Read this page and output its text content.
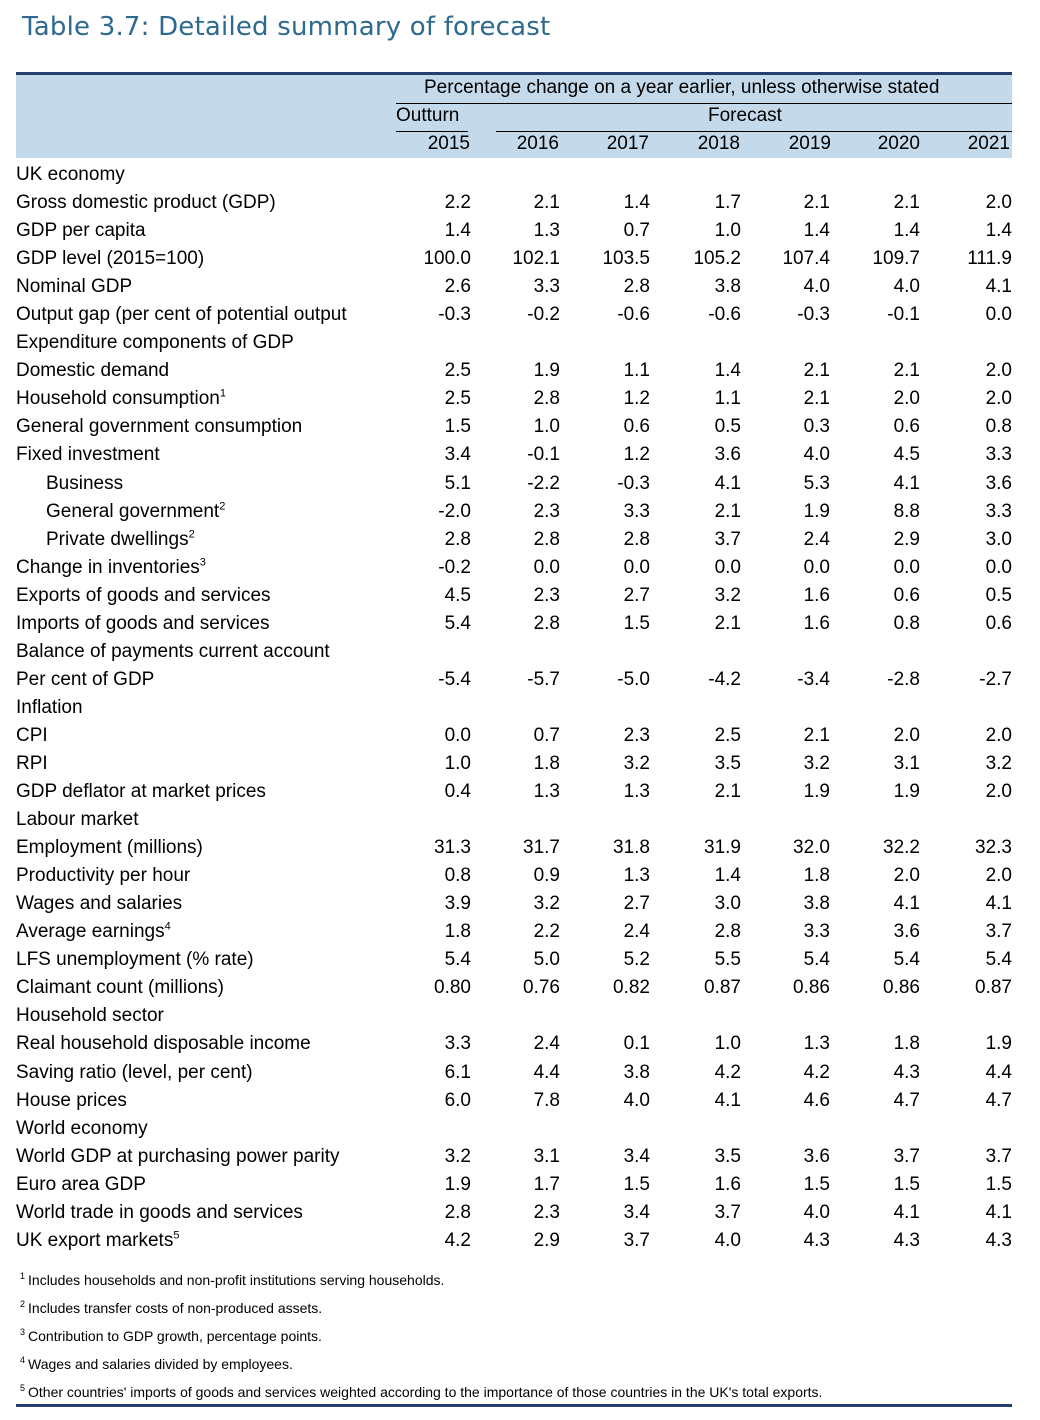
Table 3.7: Detailed summary of forecast
Percentage change on a year earlier, unless otherwise stated
Outturn	Forecast
2015 2016	2017	2018	2019 2020	2021
UK economy							
Gross domestic product (GDP)	2.2	2.1	1.4	1.7	2.1	2.1	2.0
GDP per capita	1.4	1.3	0.7	1.0	1.4	1.4	1.4
GDP level (2015=100)	100.0	102.1	103.5	105.2	107.4	109.7	111.9
Nominal GDP	2.6	3.3	2.8	3.8	4.0	4.0	4.1
Output gap (per cent of potential output	-0.3	-0.2	-0.6	-0.6	-0.3	-0.1	0.0
Expenditure components of GDP							
Domestic demand	2.5	1.9	1.1	1.4	2.1	2.1	2.0
Household consumption$^1$	2.5	2.8	1.2	1.1	2.1	2.0	2.0
General government consumption	1.5	1.0	0.6	0.5	0.3	0.6	0.8
Fixed investment	3.4	-0.1	1.2	3.6	4.0	4.5	3.3
Business	5.1	-2.2	-0.3	4.1	5.3	4.1	3.6
General government$^2$	-2.0	2.3	3.3	2.1	1.9	8.8	3.3
Private dwellings$^2$	2.8	2.8	2.8	3.7	2.4	2.9	3.0
Change in inventories$^3$	-0.2	0.0	0.0	0.0	0.0	0.0	0.0
Exports of goods and services	4.5	2.3	2.7	3.2	1.6	0.6	0.5
Imports of goods and services	5.4	2.8	1.5	2.1	1.6	0.8	0.6
Balance of payments current account							
Per cent of GDP	-5.4	-5.7	-5.0	-4.2	-3.4	-2.8	-2.7
Inflation							
CPI	0.0	0.7	2.3	2.5	2.1	2.0	2.0
RPI	1.0	1.8	3.2	3.5	3.2	3.1	3.2
GDP deflator at market prices	0.4	1.3	1.3	2.1	1.9	1.9	2.0
Labour market							
Employment (millions)	31.3	31.7	31.8	31.9	32.0	32.2	32.3
Productivity per hour	0.8	0.9	1.3	1.4	1.8	2.0	2.0
Wages and salaries	3.9	3.2	2.7	3.0	3.8	4.1	4.1
Average earnings$^4$	1.8	2.2	2.4	2.8	3.3	3.6	3.7
LFS unemployment (% rate)	5.4	5.0	5.2	5.5	5.4	5.4	5.4
Claimant count (millions)	0.80	0.76	0.82	0.87	0.86	0.86	0.87
Household sector							
Real household disposable income	3.3	2.4	0.1	1.0	1.3	1.8	1.9
Saving ratio (level, per cent)	6.1	4.4	3.8	4.2	4.2	4.3	4.4
House prices	6.0	7.8	4.0	4.1	4.6	4.7	4.7
World economy							
World GDP at purchasing power parity	3.2	3.1	3.4	3.5	3.6	3.7	3.7
Euro area GDP	1.9	1.7	1.5	1.6	1.5	1.5	1.5
World trade in goods and services	2.8	2.3	3.4	3.7	4.0	4.1	4.1
UK export markets$^5$	4.2	2.9	3.7	4.0	4.3	4.3	4.3
$^1$ Includes households and non-profit institutions serving households.
$^2$ Includes transfer costs of non-produced assets.
$^3$ Contribution to GDP growth, percentage points.
$^4$ Wages and salaries divided by employees.
$^5$ Other countries' imports of goods and services weighted according to the importance of those countries in the UK's total exports.
